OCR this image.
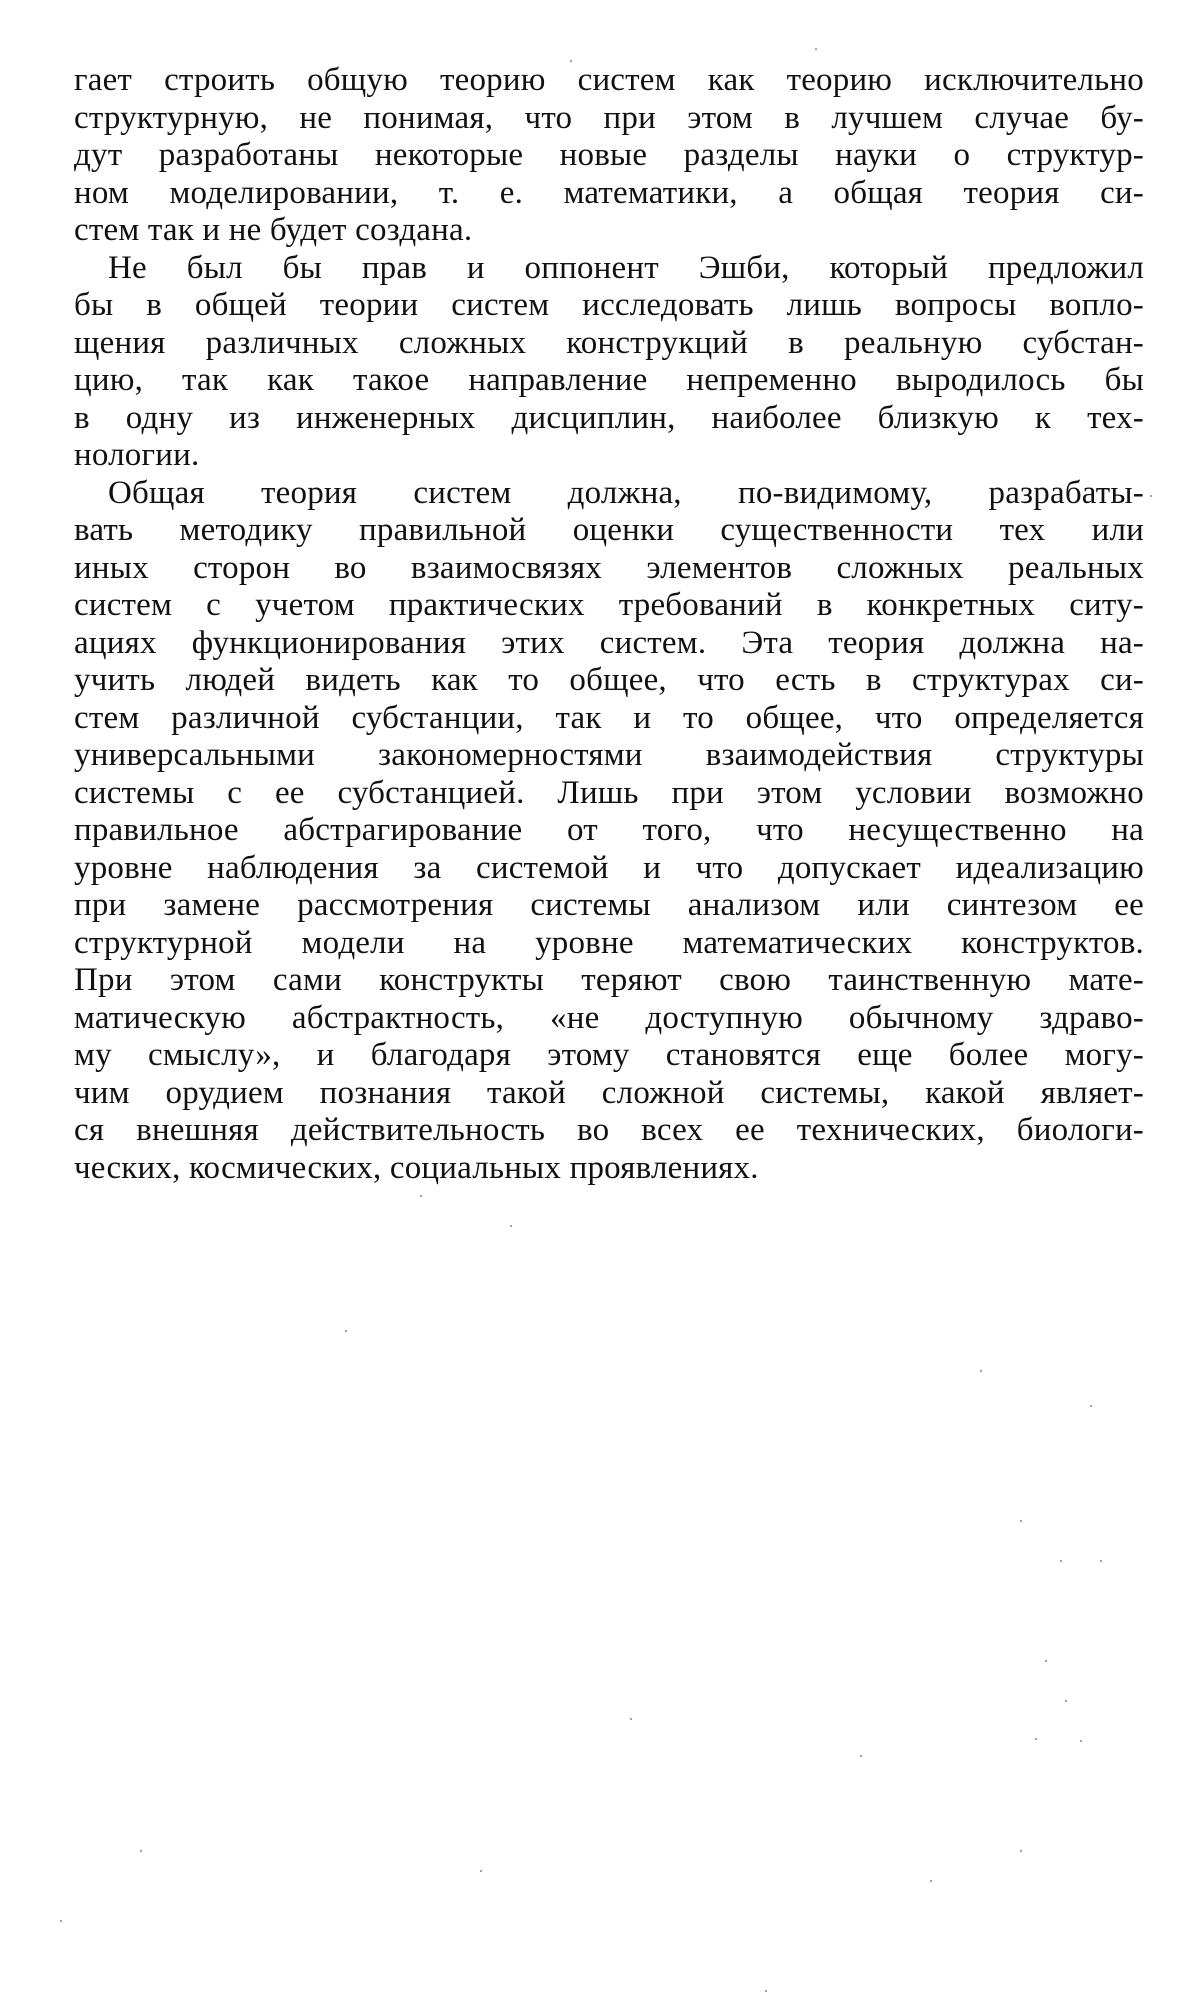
гает строить общую теорию систем как теорию исключительно
структурную, не понимая, что при этом в лучшем случае бу-
дут разработаны некоторые новые разделы науки о структур-
ном моделировании, т. е. математики, а общая теория си-
стем так и не будет создана.
Не был бы прав и оппонент Эшби, который предложил
бы в общей теории систем исследовать лишь вопросы вопло-
щения различных сложных конструкций в реальную субстан-
цию, так как такое направление непременно выродилось бы
в одну из инженерных дисциплин, наиболее близкую к тех-
нологии.
Общая теория систем должна, по-видимому, разрабаты-
вать методику правильной оценки существенности тех или
иных сторон во взаимосвязях элементов сложных реальных
систем с учетом практических требований в конкретных ситу-
ациях функционирования этих систем. Эта теория должна на-
учить людей видеть как то общее, что есть в структурах си-
стем различной субстанции, так и то общее, что определяется
универсальными закономерностями взаимодействия структуры
системы с ее субстанцией. Лишь при этом условии возможно
правильное абстрагирование от того, что несущественно на
уровне наблюдения за системой и что допускает идеализацию
при замене рассмотрения системы анализом или синтезом ее
структурной модели на уровне математических конструктов.
При этом сами конструкты теряют свою таинственную мате-
матическую абстрактность, «не доступную обычному здраво-
му смыслу», и благодаря этому становятся еще более могу-
чим орудием познания такой сложной системы, какой являет-
ся внешняя действительность во всех ее технических, биологи-
ческих, космических, социальных проявлениях.
